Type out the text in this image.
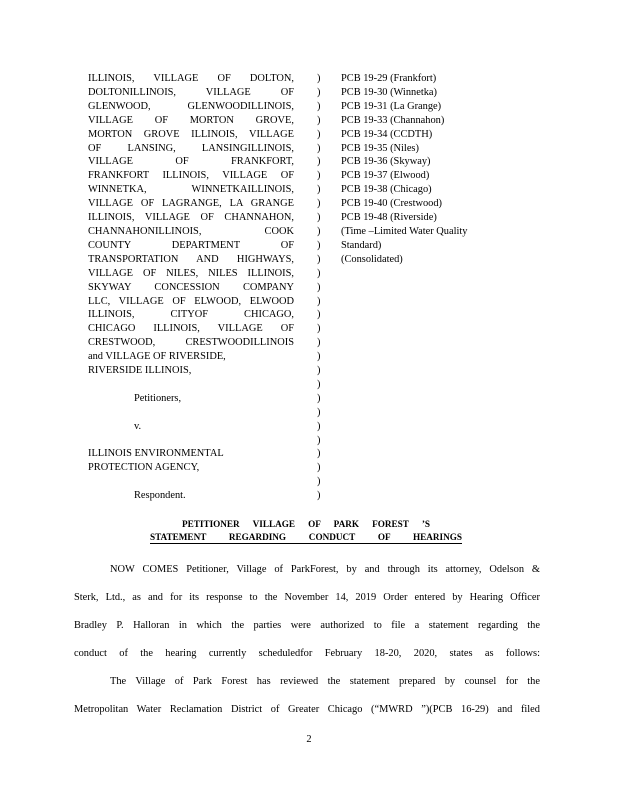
ILLINOIS, VILLAGE OF DOLTON,
DOLTONILLINOIS, VILLAGE OF
GLENWOOD, GLENWOODILLINOIS,
VILLAGE OF MORTON GROVE,
MORTON GROVE ILLINOIS, VILLAGE
OF LANSING, LANSINGILLINOIS,
VILLAGE OF FRANKFORT,
FRANKFORT ILLINOIS, VILLAGE OF
WINNETKA, WINNETKAILLINOIS,
VILLAGE OF LAGRANGE, LA GRANGE
ILLINOIS, VILLAGE OF CHANNAHON,
CHANNAHONILLINOIS, COOK
COUNTY DEPARTMENT OF
TRANSPORTATION AND HIGHWAYS,
VILLAGE OF NILES, NILES ILLINOIS,
SKYWAY CONCESSION COMPANY
LLC, VILLAGE OF ELWOOD, ELWOOD
ILLINOIS, CITYOF CHICAGO,
CHICAGO ILLINOIS, VILLAGE OF
CRESTWOOD, CRESTWOODILLINOIS
and VILLAGE OF RIVERSIDE,
RIVERSIDE ILLINOIS,
Petitioners,
v.
ILLINOIS ENVIRONMENTAL
PROTECTION AGENCY,
Respondent.
)
)
)
)
)
)
)
)
)
)
)
)
)
)
)
)
)
)
)
)
)
)
)
)
)
)
)
)
)
)
)
PCB 19-29 (Frankfort)
PCB 19-30 (Winnetka)
PCB 19-31 (La Grange)
PCB 19-33 (Channahon)
PCB 19-34 (CCDTH)
PCB 19-35 (Niles)
PCB 19-36 (Skyway)
PCB 19-37 (Elwood)
PCB 19-38 (Chicago)
PCB 19-40 (Crestwood)
PCB 19-48 (Riverside)
(Time –Limited Water Quality Standard)
(Consolidated)
PETITIONER VILLAGE OF PARK FOREST ’S
STATEMENT REGARDING CONDUCT OF HEARINGS

NOW COMES Petitioner, Village of ParkForest, by and through its attorney, Odelson &
Sterk, Ltd., as and for its response to the November 14, 2019 Order entered by Hearing Officer
Bradley P. Halloran in which the parties were authorized to file a statement regarding the
conduct of the hearing currently scheduledfor February 18-20, 2020, states as follows:

The Village of Park Forest has reviewed the statement prepared by counsel for the
Metropolitan Water Reclamation District of Greater Chicago (“MWRD ”)(PCB 16-29) and filed

2
